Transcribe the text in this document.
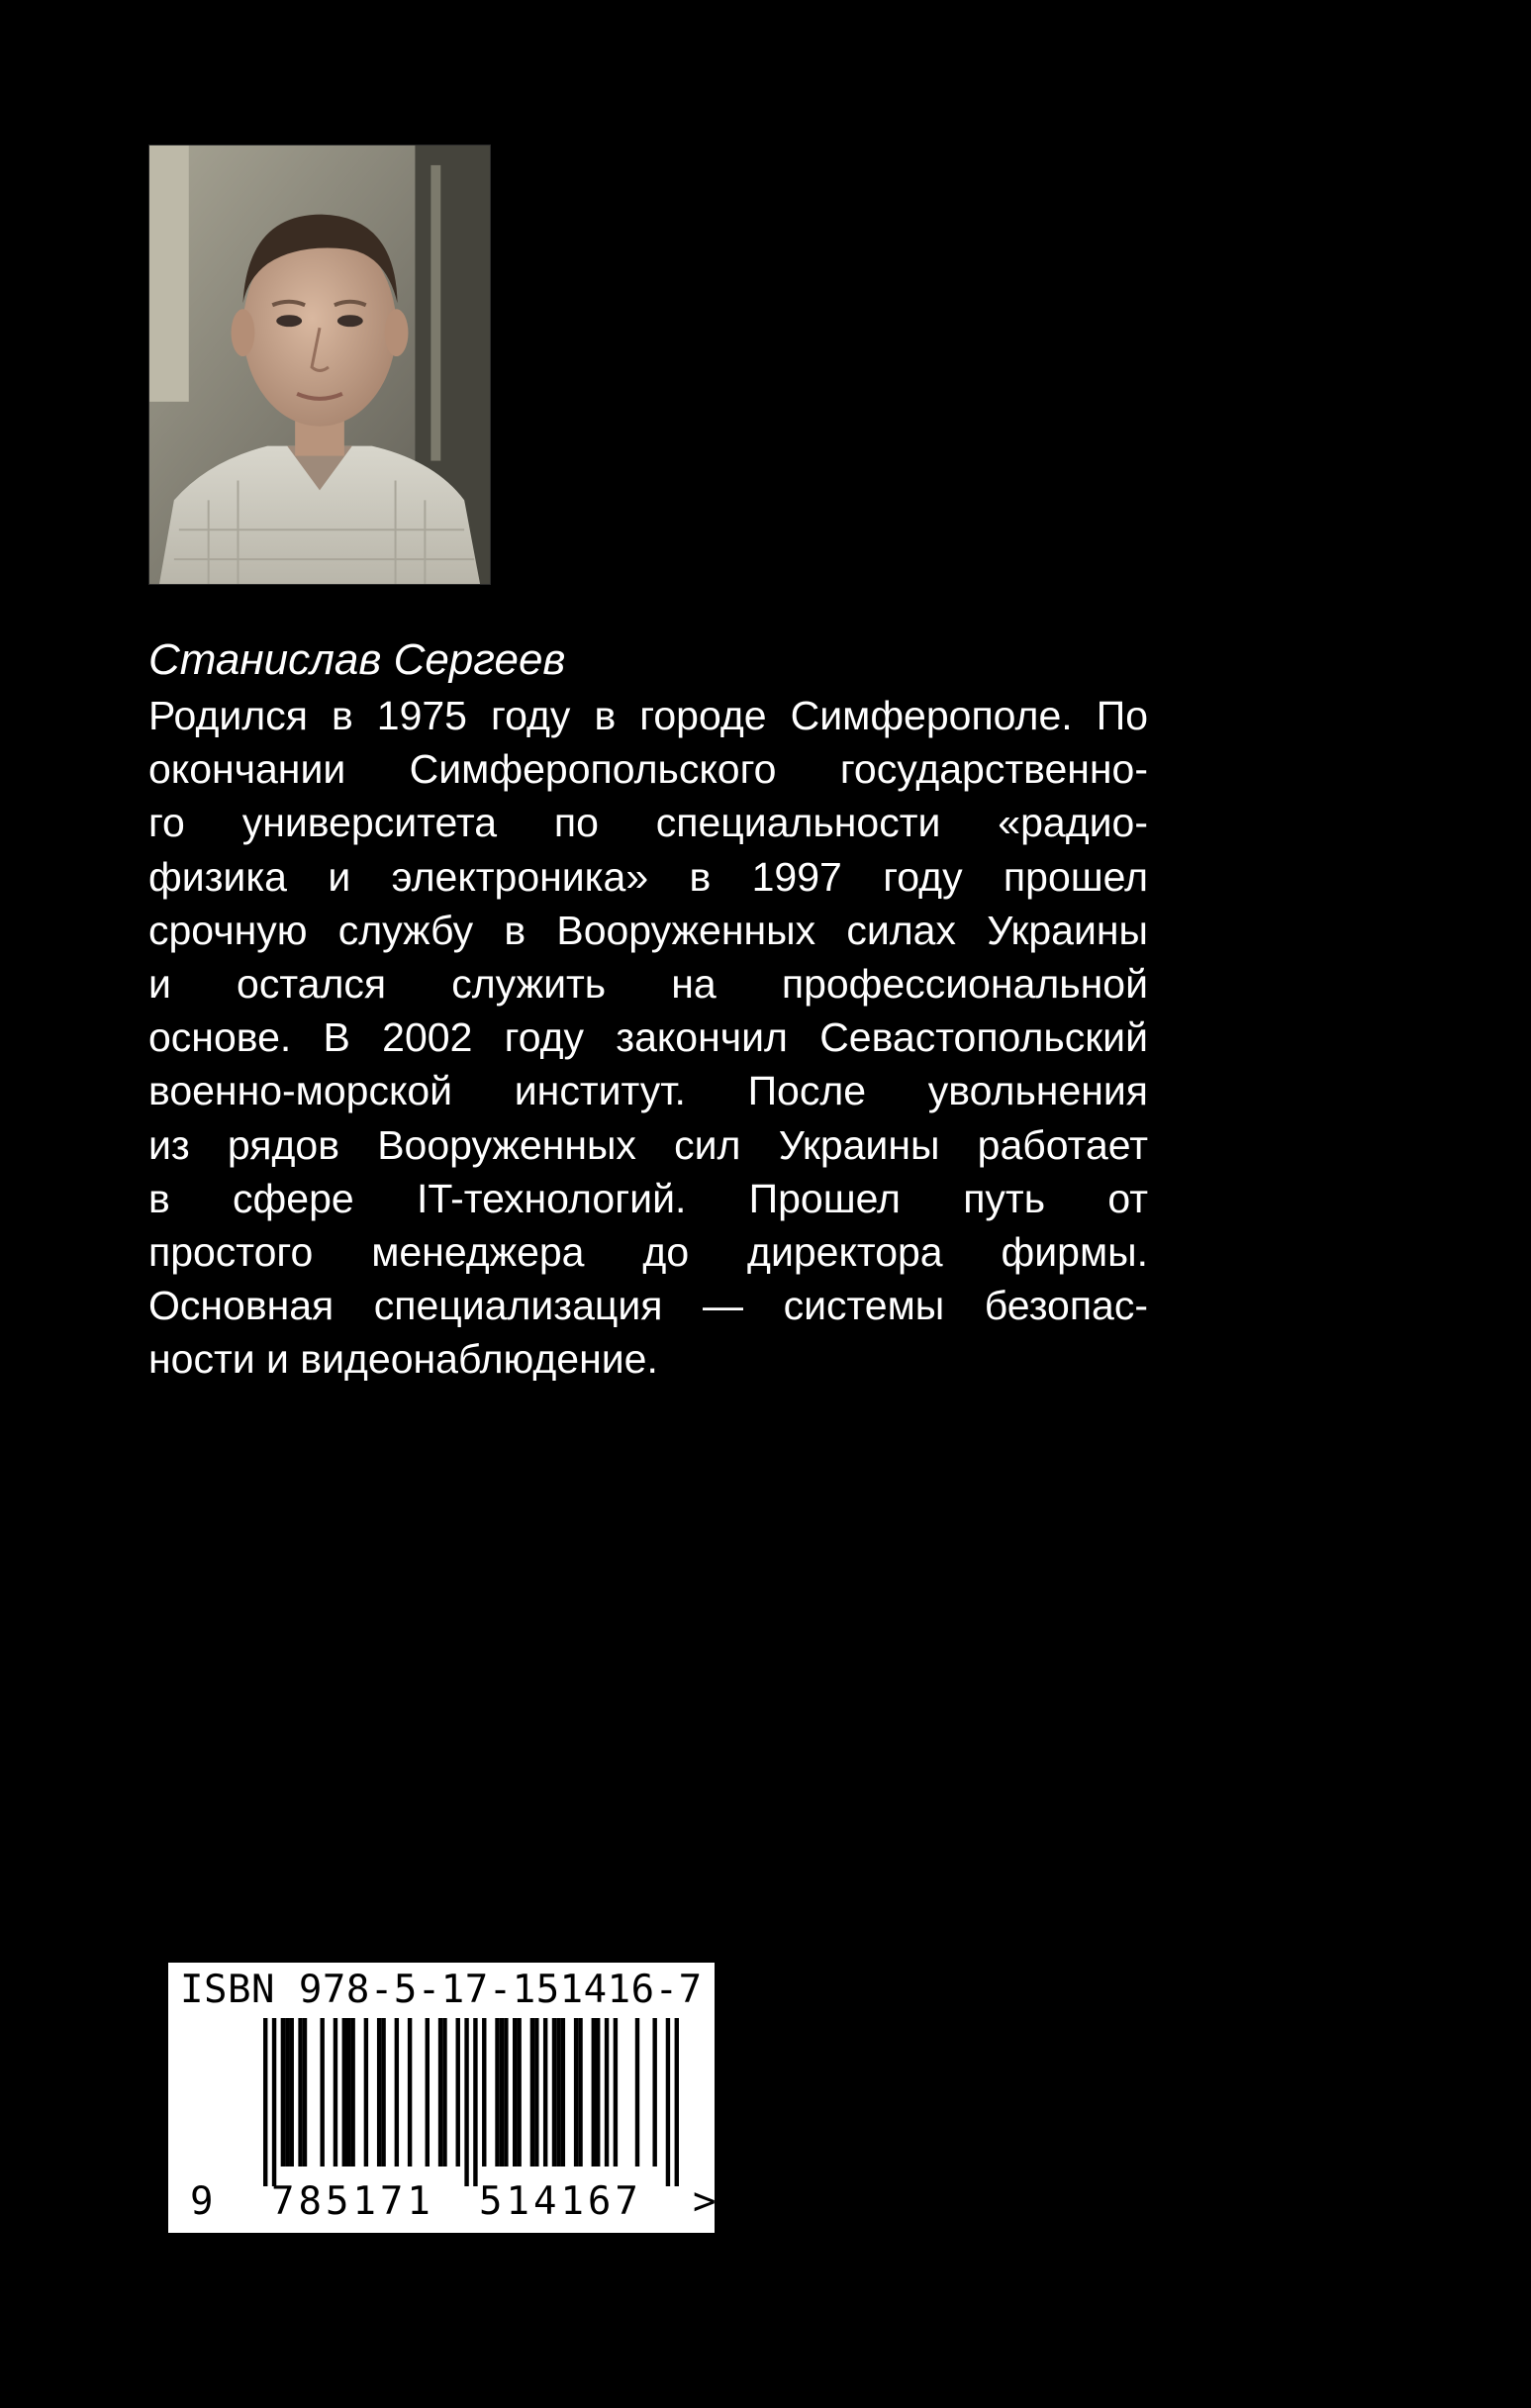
Станислав Сергеев
Родился в 1975 году в городе Симферополе. По
окончании Симферопольского государственно-
го университета по специальности «радио-
физика и электроника» в 1997 году прошел
срочную службу в Вооруженных силах Украины
и остался служить на профессиональной
основе. В 2002 году закончил Севастопольский
военно-морской институт. После увольнения
из рядов Вооруженных сил Украины работает
в сфере IT-технологий. Прошел путь от
простого менеджера до директора фирмы.
Основная специализация — системы безопас-
ности и видеонаблюдение.
ISBN 978-5-17-151416-7
9 785171 514167 >
